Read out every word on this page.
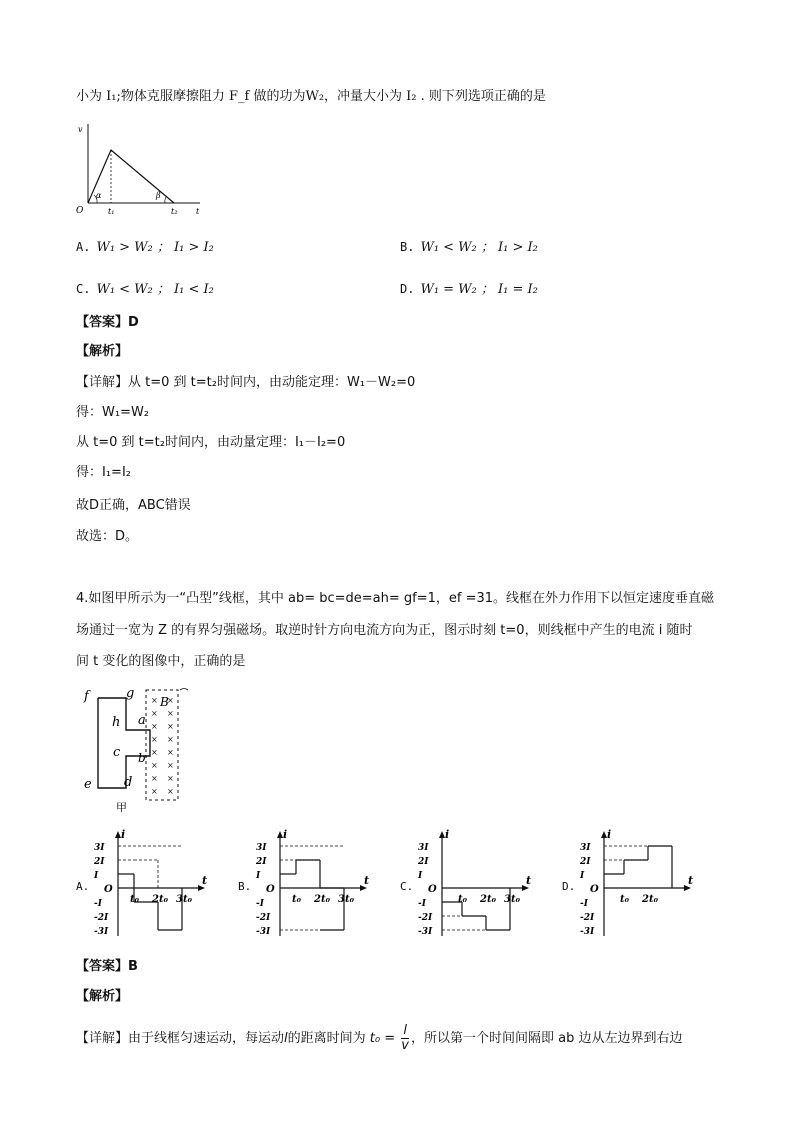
小为 I₁;物体克服摩擦阻力 F_f 做的功为W₂，冲量大小为 I₂ . 则下列选项正确的是
v
O
α	β
t₁	t₂ t
A. W₁ > W₂ ； I₁ > I₂	B. W₁ < W₂ ； I₁ > I₂
C. W₁ < W₂ ； I₁ < I₂	D. W₁ = W₂ ； I₁ = I₂
【答案】D
【解析】
【详解】从 t=0 到 t=t₂时间内，由动能定理：W₁－W₂=0
得：W₁=W₂
从 t=0 到 t=t₂时间内，由动量定理：I₁－I₂=0
得：I₁=I₂
故D正确，ABC错误
故选：D。
4.如图甲所示为一“凸型”线框，其中 ab= bc=de=ah= gf=1，ef =31。线框在外力作用下以恒定速度垂直磁
场通过一宽为 Z 的有界匀强磁场。取逆时针方向电流方向为正，图示时刻 t=0，则线框中产生的电流 i 随时
间 t 变化的图像中，正确的是
×
×
×
×
×
×
×
×
×
×
×
×
×
×
×
×
f	g
h a
B
c b
e d
甲
A.
i
t
O
3I
2I
I
-I
-2I
-3I
t₀ 2t₀ 3t₀
B.
i
t
O
3I
2I
I
-I
-2I
-3I
t₀ 2t₀ 3t₀
C.
i
t
O
3I
2I
I
-I
-2I
-3I
t₀ 2t₀ 3t₀
D.
i
t
O
3I
2I
I
-I
-2I
-3I
t₀ 2t₀
【答案】B
【解析】
【详解】由于线框匀速运动，每运动l的距离时间为 $t_0 = \frac{l}{v}$ ，所以第一个时间间隔即 ab 边从左边界到右边
